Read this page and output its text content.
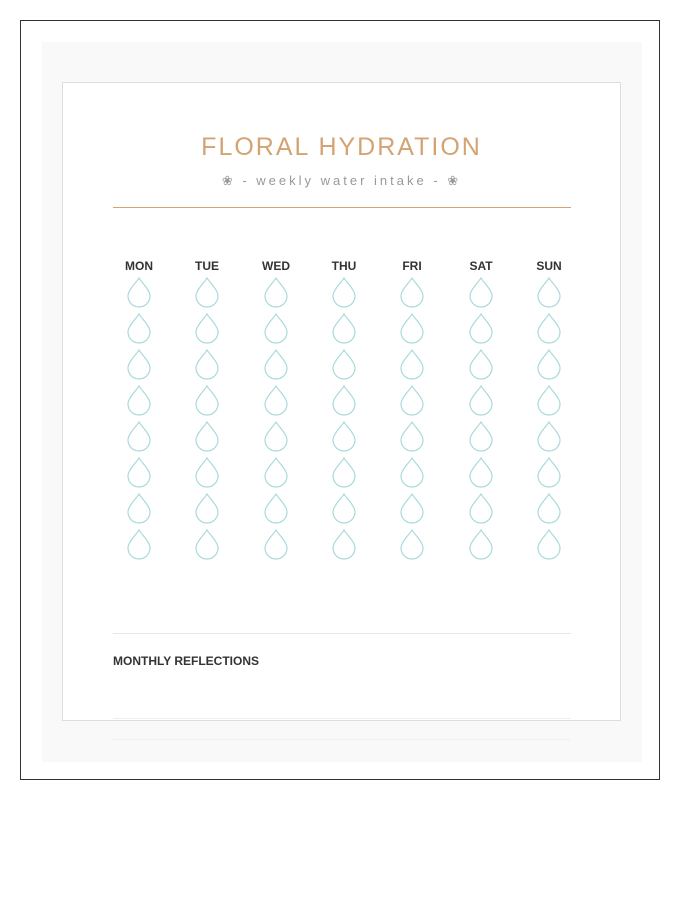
FLORAL HYDRATION
❀ - weekly water intake - ❀
MON	TUE	WED	THU	FRI	SAT	SUN
MONTHLY REFLECTIONS
